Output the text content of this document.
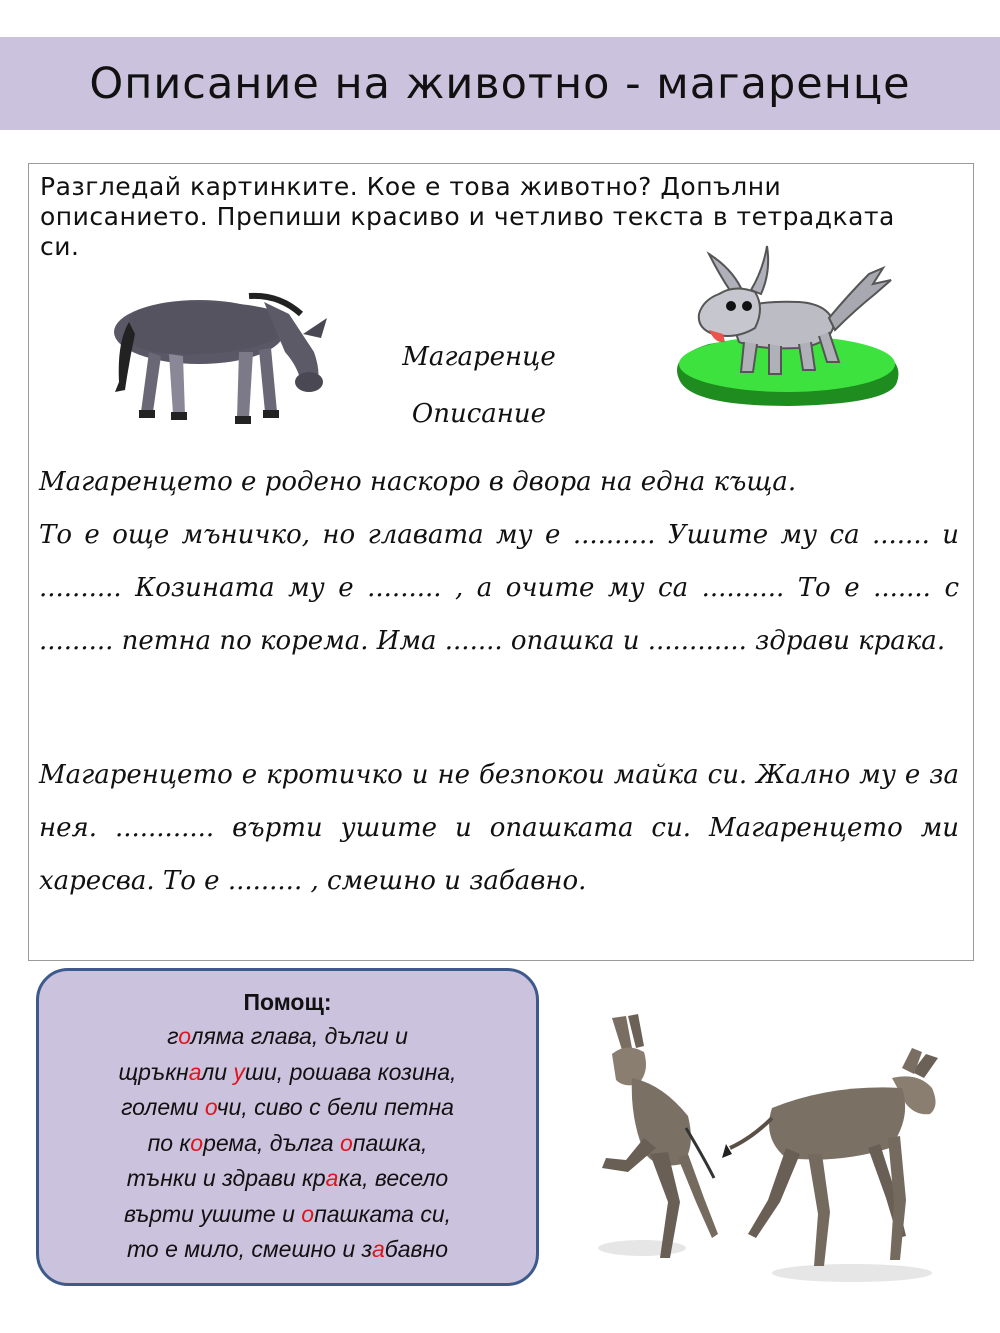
Описание на животно - магаренце

Разгледай картинките. Кое е това животно? Допълни описанието. Препиши красиво и четливо текста в тетрадката си.

Магаренце
Описание

Магаренцето е родено наскоро в двора на една къща.

То е още мъничко, но главата му е .......... Ушите му са ....... и .......... Козината му е ......... , а очите му са .......... То е ....... с ......... петна по корема. Има ....... опашка и ............ здрави крака.

Магаренцето е кротичко и не безпокои майка си. Жално му е за нея. ............ върти ушите и опашката си. Магаренцето ми харесва. То е ......... , смешно и забавно.

Помощ:

голяма глава, дълги и
щръкнали уши, рошава козина,
големи очи, сиво с бели петна
по корема, дълга опашка,
тънки и здрави крака, весело
върти ушите и опашката си,
то е мило, смешно и забавно
